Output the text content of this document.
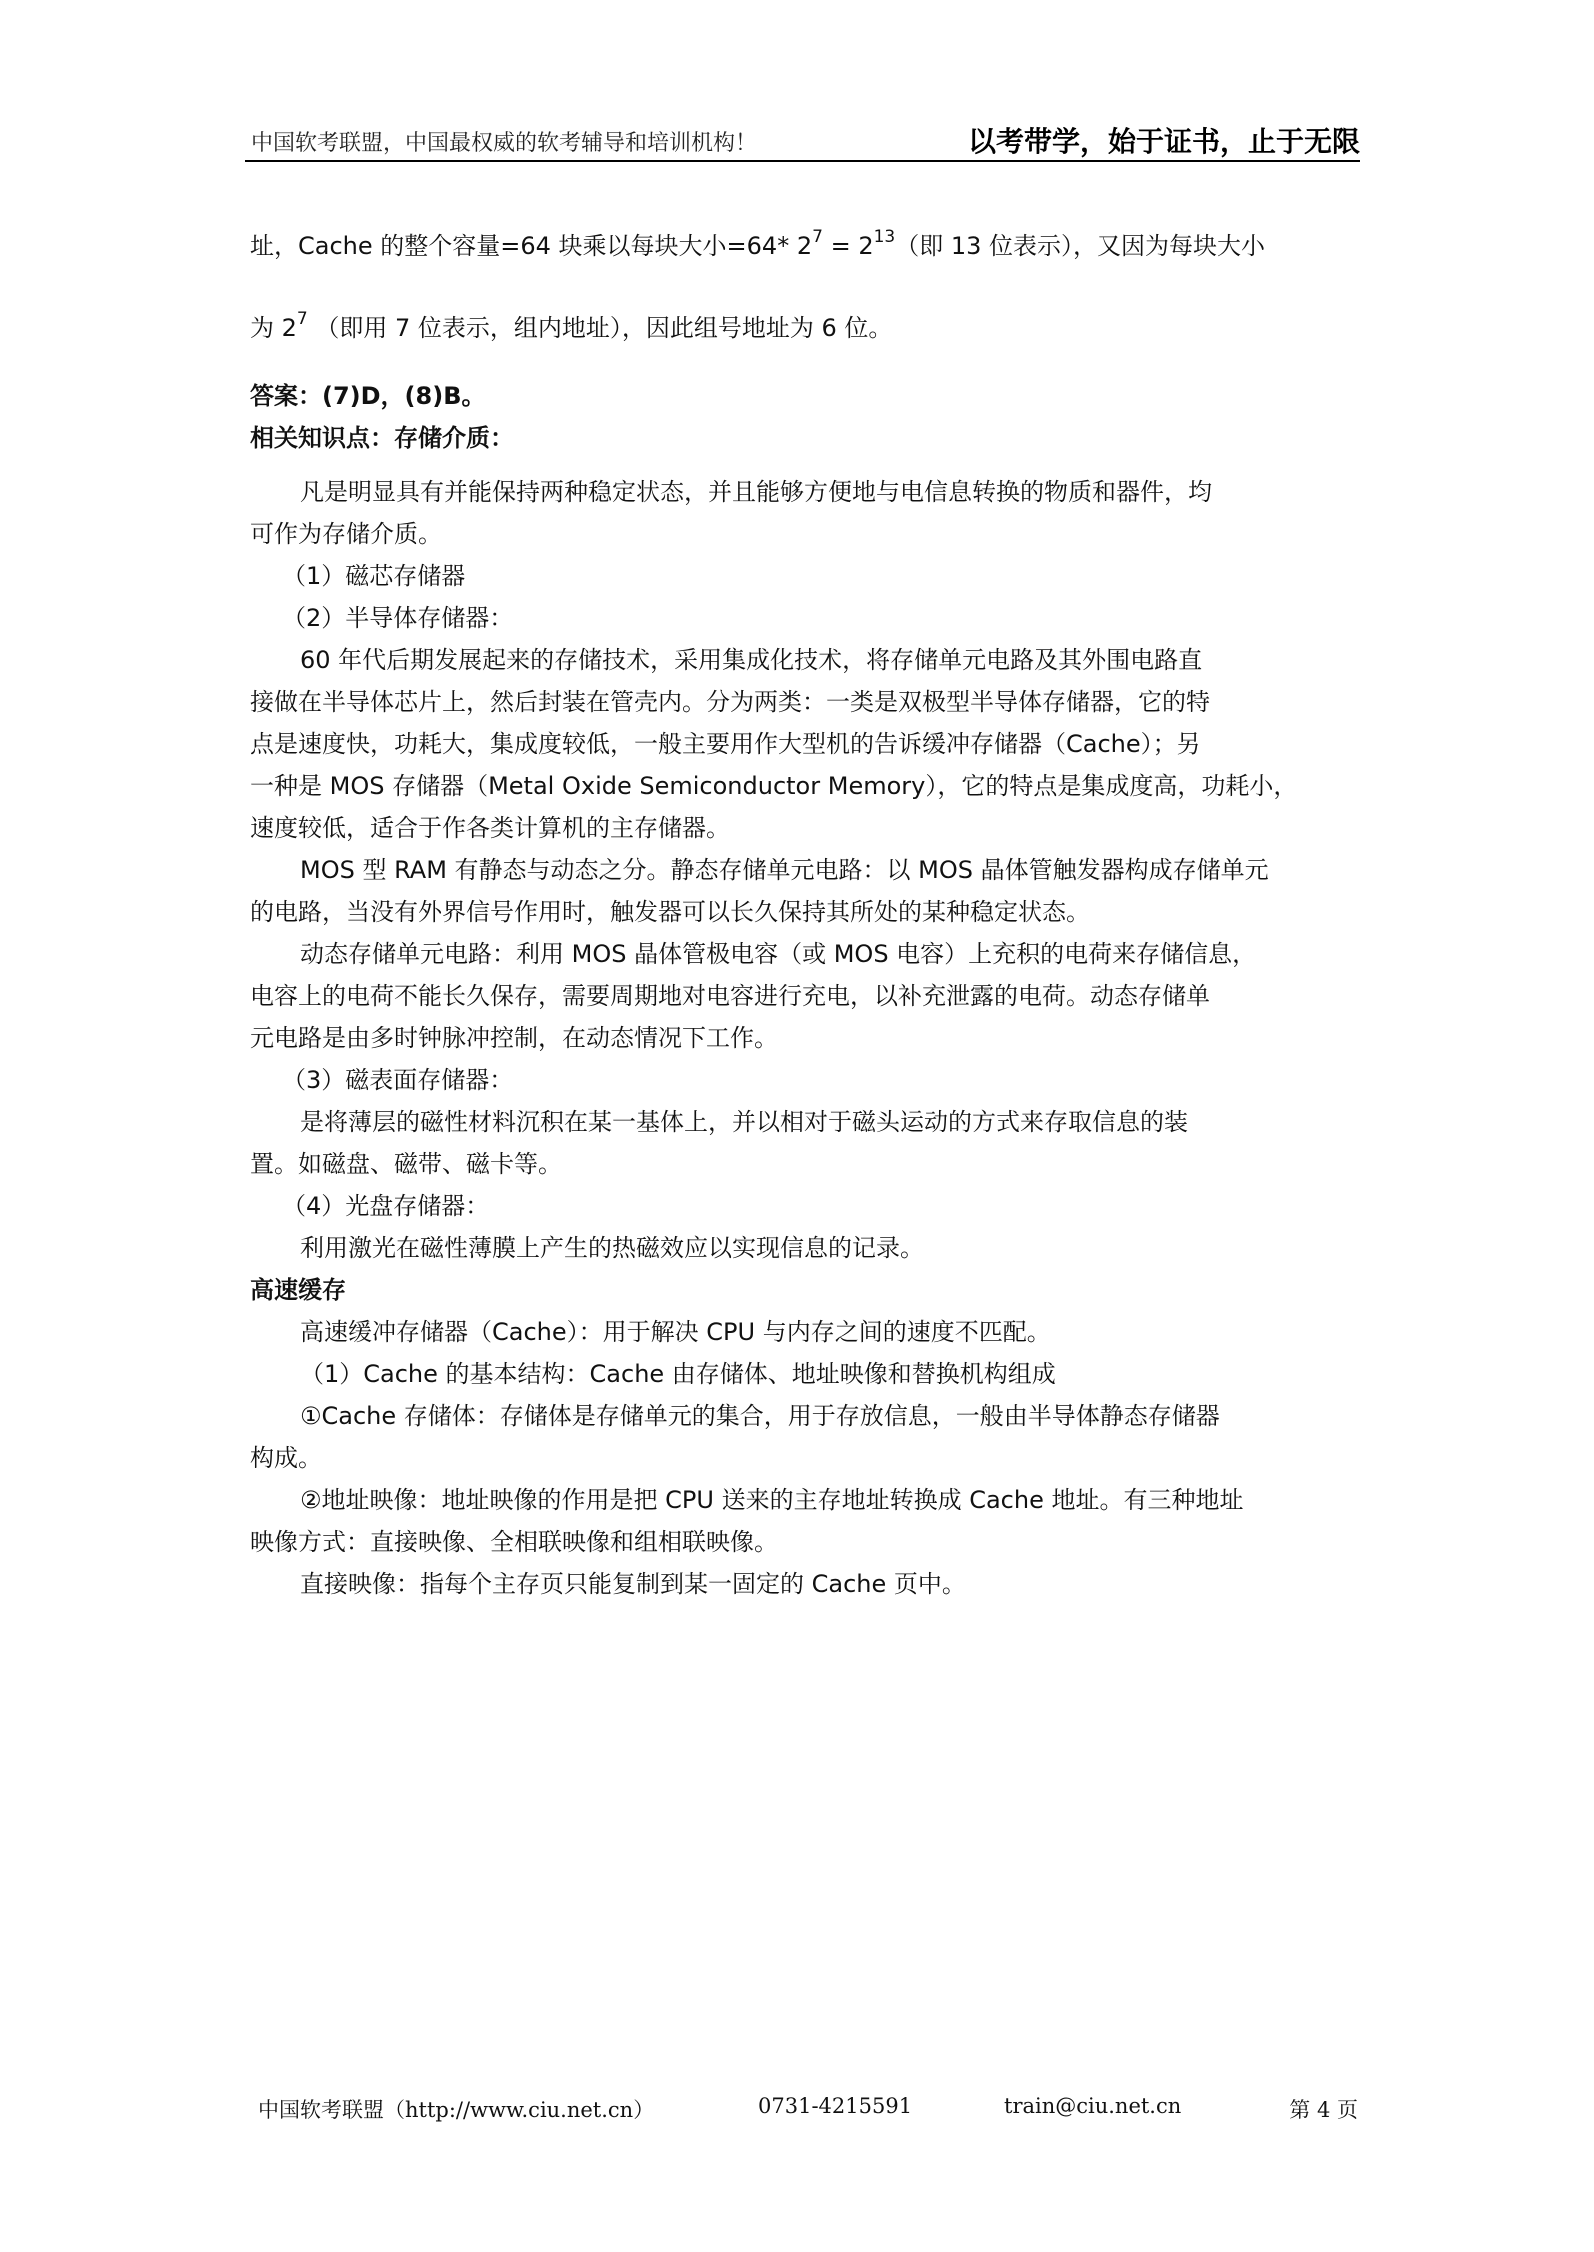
中国软考联盟，中国最权威的软考辅导和培训机构！	以考带学，始于证书，止于无限
址，Cache 的整个容量=64 块乘以每块大小=64* $2^7 = 2^{13}$（即 13 位表示），又因为每块大小
为 $2^7$ （即用 7 位表示，组内地址），因此组号地址为 6 位。
答案：(7)D，(8)B。
相关知识点：存储介质：
凡是明显具有并能保持两种稳定状态，并且能够方便地与电信息转换的物质和器件，均
可作为存储介质。
（1）磁芯存储器
（2）半导体存储器：
60 年代后期发展起来的存储技术，采用集成化技术，将存储单元电路及其外围电路直
接做在半导体芯片上，然后封装在管壳内。分为两类：一类是双极型半导体存储器，它的特
点是速度快，功耗大，集成度较低，一般主要用作大型机的告诉缓冲存储器（Cache）；另
一种是 MOS 存储器（Metal Oxide Semiconductor Memory），它的特点是集成度高，功耗小，
速度较低，适合于作各类计算机的主存储器。
MOS 型 RAM 有静态与动态之分。静态存储单元电路：以 MOS 晶体管触发器构成存储单元
的电路，当没有外界信号作用时，触发器可以长久保持其所处的某种稳定状态。
动态存储单元电路：利用 MOS 晶体管极电容（或 MOS 电容）上充积的电荷来存储信息，
电容上的电荷不能长久保存，需要周期地对电容进行充电，以补充泄露的电荷。动态存储单
元电路是由多时钟脉冲控制，在动态情况下工作。
（3）磁表面存储器：
是将薄层的磁性材料沉积在某一基体上，并以相对于磁头运动的方式来存取信息的装
置。如磁盘、磁带、磁卡等。
（4）光盘存储器：
利用激光在磁性薄膜上产生的热磁效应以实现信息的记录。
高速缓存
高速缓冲存储器（Cache）：用于解决 CPU 与内存之间的速度不匹配。
（1）Cache 的基本结构：Cache 由存储体、地址映像和替换机构组成
①Cache 存储体：存储体是存储单元的集合，用于存放信息，一般由半导体静态存储器
构成。
②地址映像：地址映像的作用是把 CPU 送来的主存地址转换成 Cache 地址。有三种地址
映像方式：直接映像、全相联映像和组相联映像。
直接映像：指每个主存页只能复制到某一固定的 Cache 页中。
中国软考联盟（http://www.ciu.net.cn）	0731-4215591	train@ciu.net.cn	第 4 页
